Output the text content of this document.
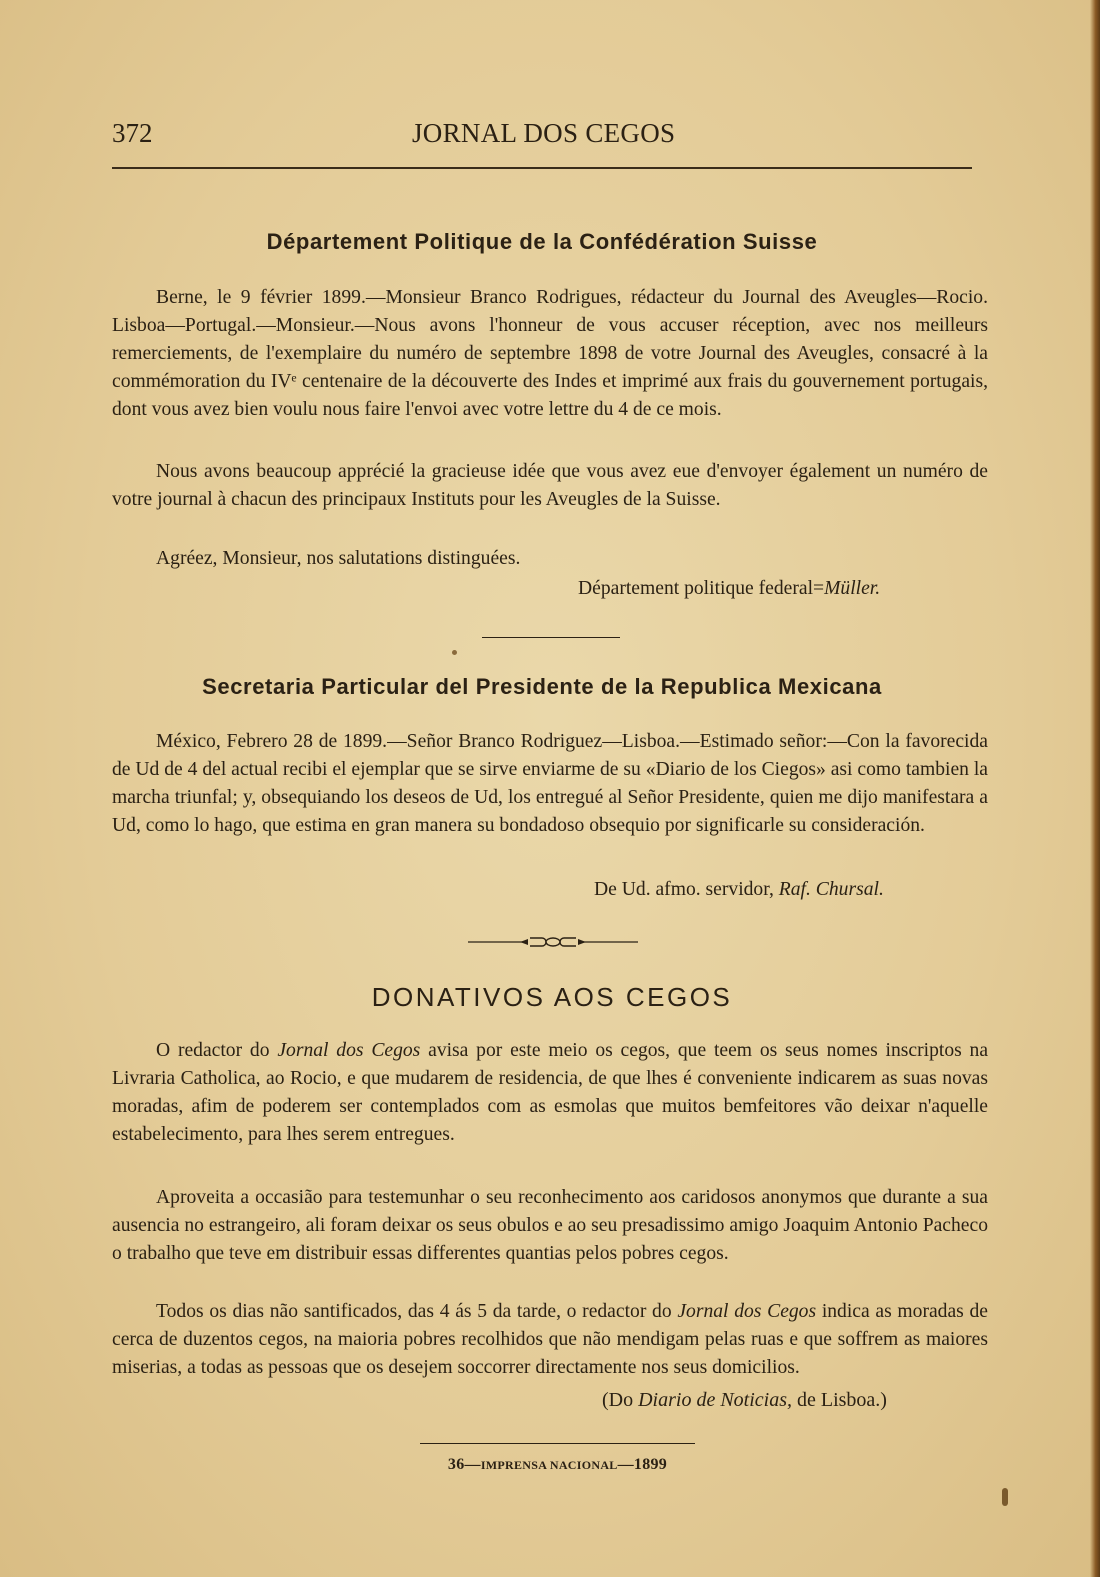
372	JORNAL DOS CEGOS
Département Politique de la Confédération Suisse

Berne, le 9 février 1899.—Monsieur Branco Rodrigues, rédacteur du Journal des Aveugles—Rocio. Lisboa—Portugal.—Monsieur.—Nous avons l'honneur de vous accuser réception, avec nos meilleurs remerciements, de l'exemplaire du numéro de septembre 1898 de votre Journal des Aveugles, consacré à la commémoration du IVᵉ centenaire de la découverte des Indes et imprimé aux frais du gouvernement portugais, dont vous avez bien voulu nous faire l'envoi avec votre lettre du 4 de ce mois.

Nous avons beaucoup apprécié la gracieuse idée que vous avez eue d'envoyer également un numéro de votre journal à chacun des principaux Instituts pour les Aveugles de la Suisse.

Agréez, Monsieur, nos salutations distinguées.

Département politique federal=Müller.
Secretaria Particular del Presidente de la Republica Mexicana

México, Febrero 28 de 1899.—Señor Branco Rodriguez—Lisboa.—Estimado señor:—Con la favorecida de Ud de 4 del actual recibi el ejemplar que se sirve enviarme de su «Diario de los Ciegos» asi como tambien la marcha triunfal; y, obsequiando los deseos de Ud, los entregué al Señor Presidente, quien me dijo manifestara a Ud, como lo hago, que estima en gran manera su bondadoso obsequio por significarle su consideración.

De Ud. afmo. servidor, Raf. Chursal.
DONATIVOS AOS CEGOS

O redactor do Jornal dos Cegos avisa por este meio os cegos, que teem os seus nomes inscriptos na Livraria Catholica, ao Rocio, e que mudarem de residencia, de que lhes é conveniente indicarem as suas novas moradas, afim de poderem ser contemplados com as esmolas que muitos bemfeitores vão deixar n'aquelle estabelecimento, para lhes serem entregues.

Aproveita a occasião para testemunhar o seu reconhecimento aos caridosos anonymos que durante a sua ausencia no estrangeiro, ali foram deixar os seus obulos e ao seu presadissimo amigo Joaquim Antonio Pacheco o trabalho que teve em distribuir essas differentes quantias pelos pobres cegos.

Todos os dias não santificados, das 4 ás 5 da tarde, o redactor do Jornal dos Cegos indica as moradas de cerca de duzentos cegos, na maioria pobres recolhidos que não mendigam pelas ruas e que soffrem as maiores miserias, a todas as pessoas que os desejem soccorrer directamente nos seus domicilios.

(Do Diario de Noticias, de Lisboa.)
36—IMPRENSA NACIONAL—1899
